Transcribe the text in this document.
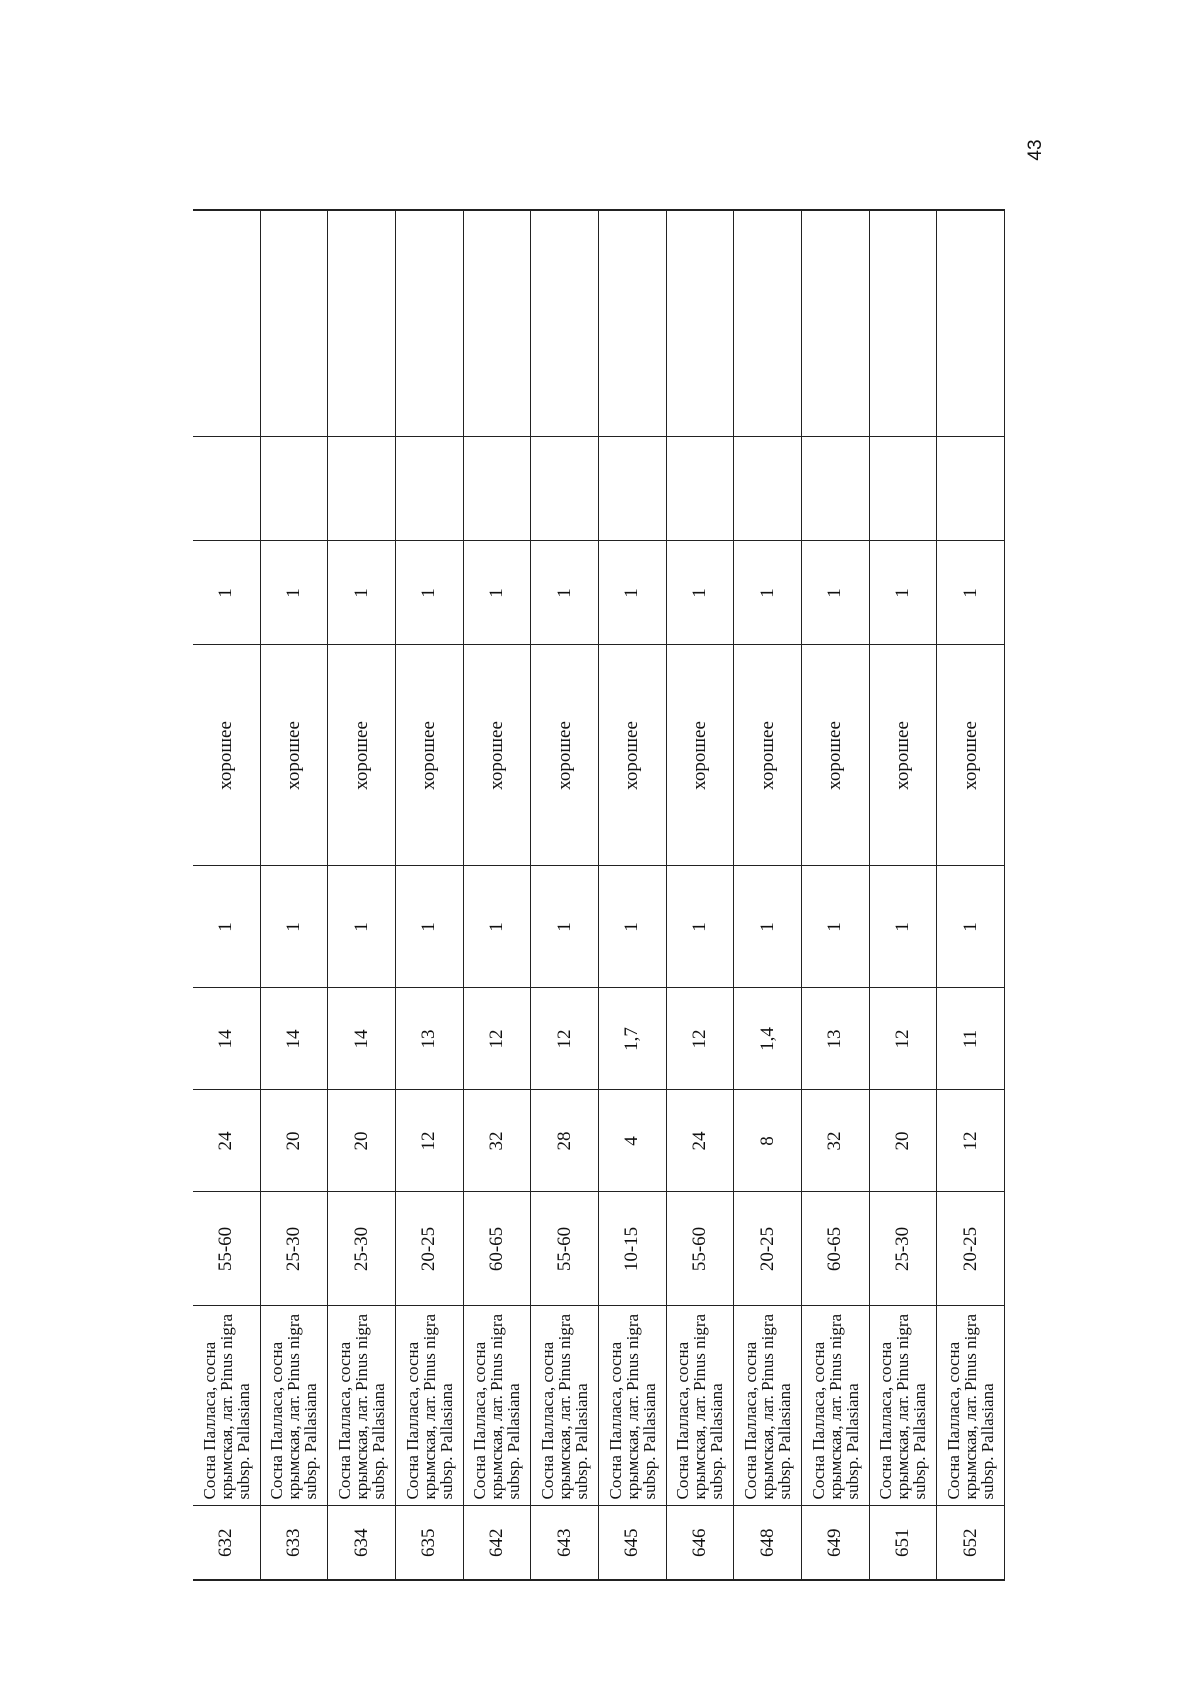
43
632	Сосна Палласа, сосна крымская, лат. Pinus nigra subsp. Pallasiana	55-60	24	14	1	хорошее	1		
633	Сосна Палласа, сосна крымская, лат. Pinus nigra subsp. Pallasiana	25-30	20	14	1	хорошее	1		
634	Сосна Палласа, сосна крымская, лат. Pinus nigra subsp. Pallasiana	25-30	20	14	1	хорошее	1		
635	Сосна Палласа, сосна крымская, лат. Pinus nigra subsp. Pallasiana	20-25	12	13	1	хорошее	1		
642	Сосна Палласа, сосна крымская, лат. Pinus nigra subsp. Pallasiana	60-65	32	12	1	хорошее	1		
643	Сосна Палласа, сосна крымская, лат. Pinus nigra subsp. Pallasiana	55-60	28	12	1	хорошее	1		
645	Сосна Палласа, сосна крымская, лат. Pinus nigra subsp. Pallasiana	10-15	4	1,7	1	хорошее	1		
646	Сосна Палласа, сосна крымская, лат. Pinus nigra subsp. Pallasiana	55-60	24	12	1	хорошее	1		
648	Сосна Палласа, сосна крымская, лат. Pinus nigra subsp. Pallasiana	20-25	8	1,4	1	хорошее	1		
649	Сосна Палласа, сосна крымская, лат. Pinus nigra subsp. Pallasiana	60-65	32	13	1	хорошее	1		
651	Сосна Палласа, сосна крымская, лат. Pinus nigra subsp. Pallasiana	25-30	20	12	1	хорошее	1		
652	Сосна Палласа, сосна крымская, лат. Pinus nigra subsp. Pallasiana	20-25	12	11	1	хорошее	1		
